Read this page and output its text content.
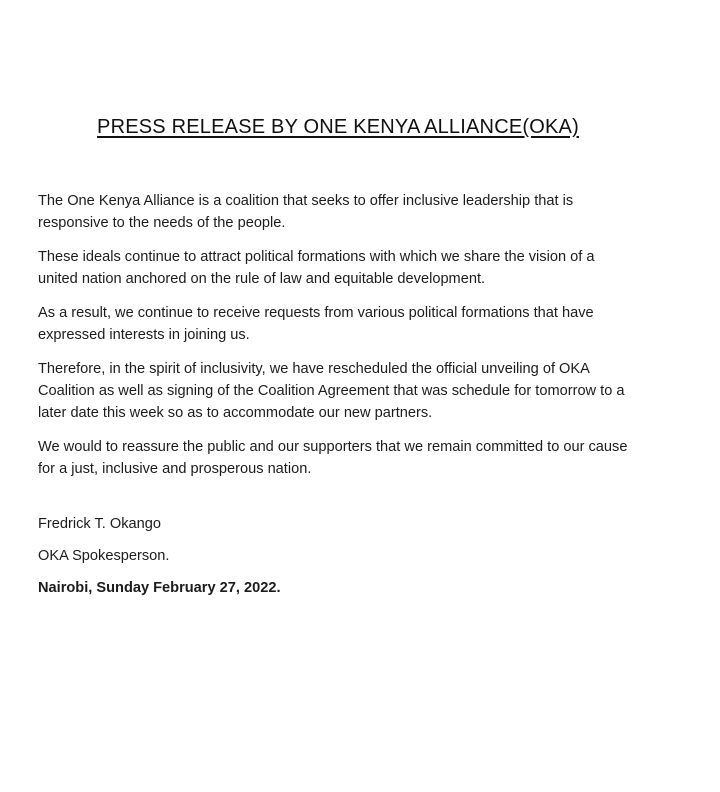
PRESS RELEASE BY ONE KENYA ALLIANCE(OKA)

The One Kenya Alliance is a coalition that seeks to offer inclusive leadership that is responsive to the needs of the people.

These ideals continue to attract political formations with which we share the vision of a united nation anchored on the rule of law and equitable development.

As a result, we continue to receive requests from various political formations that have expressed interests in joining us.

Therefore, in the spirit of inclusivity, we have rescheduled the official unveiling of OKA Coalition as well as signing of the Coalition Agreement that was schedule for tomorrow to a later date this week so as to accommodate our new partners.

We would to reassure the public and our supporters that we remain committed to our cause for a just, inclusive and prosperous nation.

Fredrick T. Okango

OKA Spokesperson.

Nairobi, Sunday February 27, 2022.
